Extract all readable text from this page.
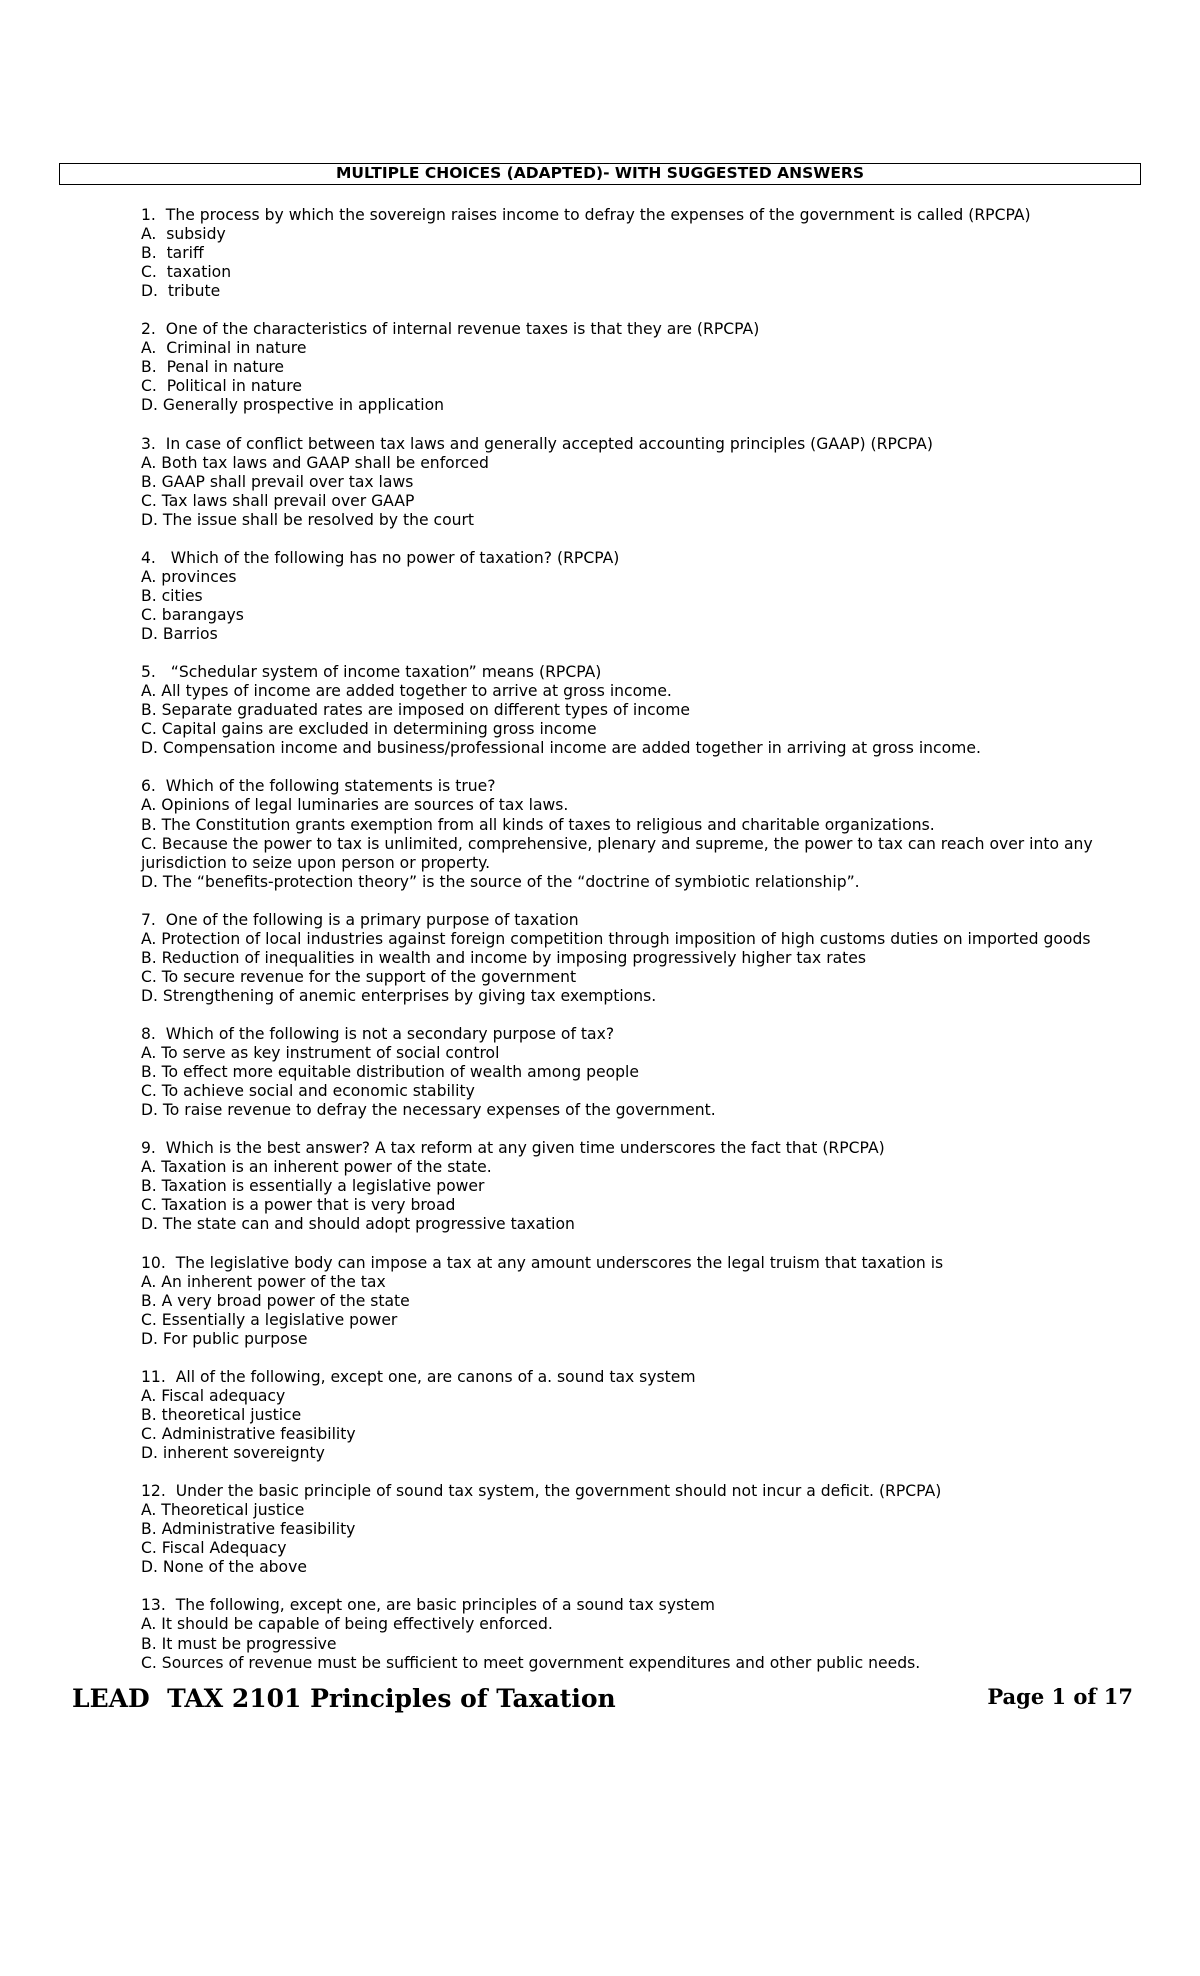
MULTIPLE CHOICES (ADAPTED)- WITH SUGGESTED ANSWERS
1.  The process by which the sovereign raises income to defray the expenses of the government is called (RPCPA)
A.  subsidy
B.  tariff
C.  taxation
D.  tribute
2.  One of the characteristics of internal revenue taxes is that they are (RPCPA)
A.  Criminal in nature
B.  Penal in nature
C.  Political in nature
D. Generally prospective in application
3.  In case of conflict between tax laws and generally accepted accounting principles (GAAP) (RPCPA)
A. Both tax laws and GAAP shall be enforced
B. GAAP shall prevail over tax laws
C. Tax laws shall prevail over GAAP
D. The issue shall be resolved by the court
4.   Which of the following has no power of taxation? (RPCPA)
A. provinces
B. cities
C. barangays
D. Barrios
5.   “Schedular system of income taxation” means (RPCPA)
A. All types of income are added together to arrive at gross income.
B. Separate graduated rates are imposed on different types of income
C. Capital gains are excluded in determining gross income
D. Compensation income and business/professional income are added together in arriving at gross income.
6.  Which of the following statements is true?
A. Opinions of legal luminaries are sources of tax laws.
B. The Constitution grants exemption from all kinds of taxes to religious and charitable organizations.
C. Because the power to tax is unlimited, comprehensive, plenary and supreme, the power to tax can reach over into any
jurisdiction to seize upon person or property.
D. The “benefits-protection theory” is the source of the “doctrine of symbiotic relationship”.
7.  One of the following is a primary purpose of taxation
A. Protection of local industries against foreign competition through imposition of high customs duties on imported goods
B. Reduction of inequalities in wealth and income by imposing progressively higher tax rates
C. To secure revenue for the support of the government
D. Strengthening of anemic enterprises by giving tax exemptions.
8.  Which of the following is not a secondary purpose of tax?
A. To serve as key instrument of social control
B. To effect more equitable distribution of wealth among people
C. To achieve social and economic stability
D. To raise revenue to defray the necessary expenses of the government.
9.  Which is the best answer? A tax reform at any given time underscores the fact that (RPCPA)
A. Taxation is an inherent power of the state.
B. Taxation is essentially a legislative power
C. Taxation is a power that is very broad
D. The state can and should adopt progressive taxation
10.  The legislative body can impose a tax at any amount underscores the legal truism that taxation is
A. An inherent power of the tax
B. A very broad power of the state
C. Essentially a legislative power
D. For public purpose
11.  All of the following, except one, are canons of a. sound tax system
A. Fiscal adequacy
B. theoretical justice
C. Administrative feasibility
D. inherent sovereignty
12.  Under the basic principle of sound tax system, the government should not incur a deficit. (RPCPA)
A. Theoretical justice
B. Administrative feasibility
C. Fiscal Adequacy
D. None of the above
13.  The following, except one, are basic principles of a sound tax system
A. It should be capable of being effectively enforced.
B. It must be progressive
C. Sources of revenue must be sufficient to meet government expenditures and other public needs.
LEAD  TAX 2101 Principles of Taxation	Page 1 of 17
